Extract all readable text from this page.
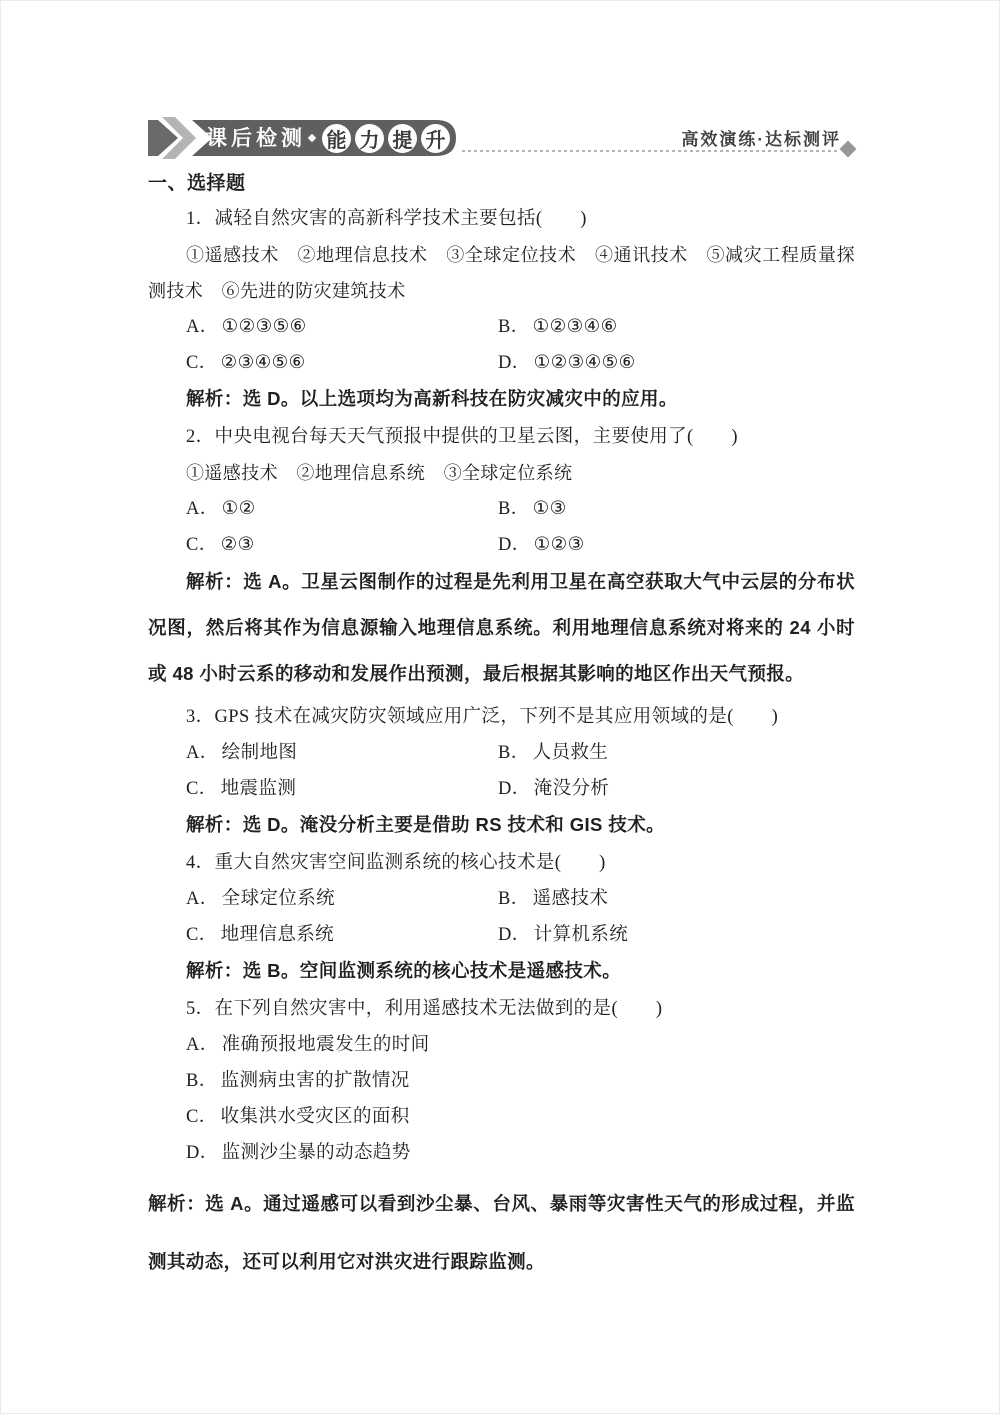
课后检测 能 力 提 升	高效演练·达标测评

一、选择题

1．减轻自然灾害的高新科学技术主要包括(　　)

①遥感技术　②地理信息技术　③全球定位技术　④通讯技术　⑤减灾工程质量探测技术　⑥先进的防灾建筑技术

A． ①②③⑤⑥	B． ①②③④⑥
C． ②③④⑤⑥	D． ①②③④⑤⑥

解析：选 D。以上选项均为高新科技在防灾减灾中的应用。

2．中央电视台每天天气预报中提供的卫星云图，主要使用了(　　)

①遥感技术　②地理信息系统　③全球定位系统

A． ①②	B． ①③
C． ②③	D． ①②③

解析：选 A。卫星云图制作的过程是先利用卫星在高空获取大气中云层的分布状况图，然后将其作为信息源输入地理信息系统。利用地理信息系统对将来的 24 小时或 48 小时云系的移动和发展作出预测，最后根据其影响的地区作出天气预报。

3．GPS 技术在减灾防灾领域应用广泛，下列不是其应用领域的是(　　)

A． 绘制地图	B． 人员救生
C． 地震监测	D． 淹没分析

解析：选 D。淹没分析主要是借助 RS 技术和 GIS 技术。

4．重大自然灾害空间监测系统的核心技术是(　　)

A． 全球定位系统	B． 遥感技术
C． 地理信息系统	D． 计算机系统

解析：选 B。空间监测系统的核心技术是遥感技术。

5．在下列自然灾害中，利用遥感技术无法做到的是(　　)

A． 准确预报地震发生的时间
B． 监测病虫害的扩散情况
C． 收集洪水受灾区的面积
D． 监测沙尘暴的动态趋势

解析：选 A。通过遥感可以看到沙尘暴、台风、暴雨等灾害性天气的形成过程，并监测其动态，还可以利用它对洪灾进行跟踪监测。
